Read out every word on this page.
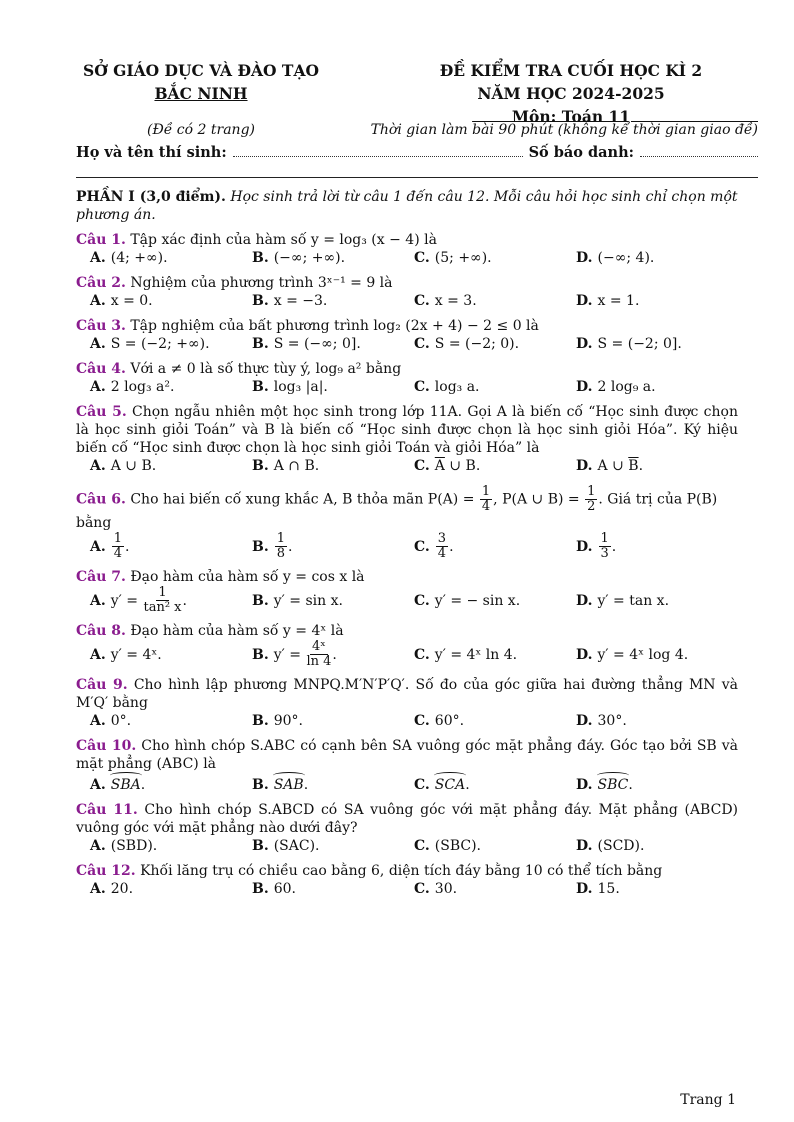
SỞ GIÁO DỤC VÀ ĐÀO TẠO
BẮC NINH
ĐỀ KIỂM TRA CUỐI HỌC KÌ 2
NĂM HỌC 2024-2025
Môn: Toán 11
(Đề có 2 trang)	Thời gian làm bài 90 phút (không kể thời gian giao đề)
Họ và tên thí sinh:	Số báo danh:
PHẦN I (3,0 điểm). Học sinh trả lời từ câu 1 đến câu 12. Mỗi câu hỏi học sinh chỉ chọn một phương án.
Câu 1. Tập xác định của hàm số y = log₃ (x − 4) là
A. (4; +∞).	B. (−∞; +∞).	C. (5; +∞).	D. (−∞; 4).
Câu 2. Nghiệm của phương trình 3ˣ⁻¹ = 9 là
A. x = 0.	B. x = −3.	C. x = 3.	D. x = 1.
Câu 3. Tập nghiệm của bất phương trình log₂ (2x + 4) − 2 ≤ 0 là
A. S = (−2; +∞).	B. S = (−∞; 0].	C. S = (−2; 0).	D. S = (−2; 0].
Câu 4. Với a ≠ 0 là số thực tùy ý, log₉ a² bằng
A. 2 log₃ a².	B. log₃ |a|.	C. log₃ a.	D. 2 log₉ a.
Câu 5. Chọn ngẫu nhiên một học sinh trong lớp 11A. Gọi A là biến cố “Học sinh được chọn là học sinh giỏi Toán” và B là biến cố “Học sinh được chọn là học sinh giỏi Hóa”. Ký hiệu biến cố “Học sinh được chọn là học sinh giỏi Toán và giỏi Hóa” là
A. A ∪ B.	B. A ∩ B.	C. $\overline{A}$ ∪ B.	D. A ∪ $\overline{B}$.
Câu 6. Cho hai biến cố xung khắc A, B thỏa mãn $P(A) = \frac{1}{4}$ , P(A ∪ $B) = \frac{1}{2}$ . Giá trị của P(B) bằng
A. $\frac{1}{4}$ .	B. $\frac{1}{8}$ .	C. $\frac{3}{4}$ .	D. $\frac{1}{3}$ .
Câu 7. Đạo hàm của hàm số y = cos x là
A. y′ =
$\frac{1}{\text{tan² x}}$ .	B. y′ = sin x.	C. y′ = − sin x.	D. y′ = tan x.
Câu 8. Đạo hàm của hàm số y = 4ˣ là
A. y′ = 4ˣ.	B. y′ =
$\frac{\text{4ˣ}}{\ln 4}$ .	C. y′ = 4ˣ ln 4.	D. y′ = 4ˣ log 4.
Câu 9. Cho hình lập phương MNPQ.M′N′P′Q′. Số đo của góc giữa hai đường thẳng MN và M′Q′ bằng
A. 0°.	B. 90°.	C. 60°.	D. 30°.
Câu 10. Cho hình chóp S.ABC có cạnh bên SA vuông góc mặt phẳng đáy. Góc tạo bởi SB và mặt phẳng (ABC) là
A. SBA .	B. SAB .	C. SCA .	D. SBC .
Câu 11. Cho hình chóp S.ABCD có SA vuông góc với mặt phẳng đáy. Mặt phẳng (ABCD) vuông góc với mặt phẳng nào dưới đây?
A. (SBD).	B. (SAC).	C. (SBC).	D. (SCD).
Câu 12. Khối lăng trụ có chiều cao bằng 6, diện tích đáy bằng 10 có thể tích bằng
A. 20.	B. 60.	C. 30.	D. 15.
Trang 1
